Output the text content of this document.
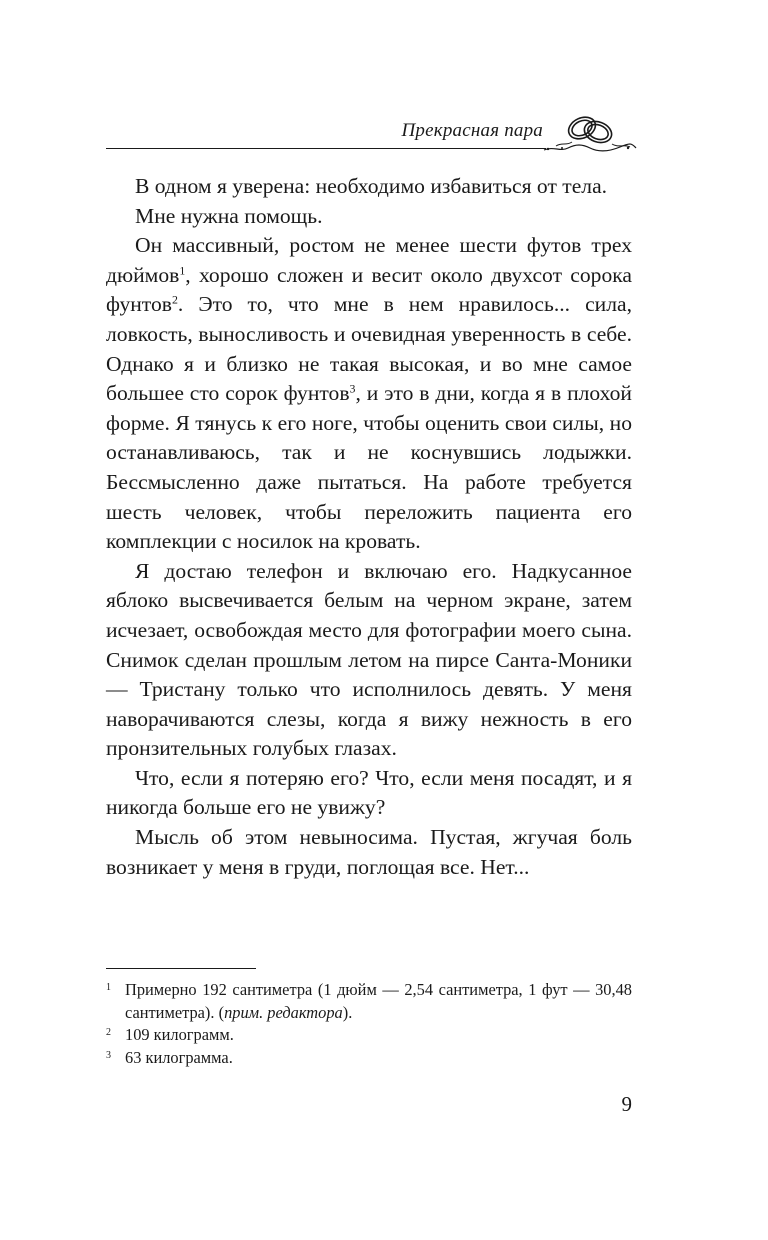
Прекрасная пара

В одном я уверена: необходимо избавиться от тела.

Мне нужна помощь.

Он массивный, ростом не менее шести футов трех дюймов$^1$, хорошо сложен и весит около двухсот сорока фунтов$^2$. Это то, что мне в нем нравилось... сила, ловкость, выносливость и очевидная уверенность в себе. Однако я и близко не такая высокая, и во мне самое большее сто сорок фунтов$^3$, и это в дни, когда я в плохой форме. Я тянусь к его ноге, чтобы оценить свои силы, но останавливаюсь, так и не коснувшись лодыжки. Бессмысленно даже пытаться. На работе требуется шесть человек, чтобы переложить пациента его комплекции с носилок на кровать.

Я достаю телефон и включаю его. Надкусанное яблоко высвечивается белым на черном экране, затем исчезает, освобождая место для фотографии моего сына. Снимок сделан прошлым летом на пирсе Санта-Моники — Тристану только что исполнилось девять. У меня наворачиваются слезы, когда я вижу нежность в его пронзительных голубых глазах.

Что, если я потеряю его? Что, если меня посадят, и я никогда больше его не увижу?

Мысль об этом невыносима. Пустая, жгучая боль возникает у меня в груди, поглощая все. Нет...

1 Примерно 192 сантиметра (1 дюйм — 2,54 сантиметра, 1 фут — 30,48 сантиметра). (прим. редактора).
2 109 килограмм.
3 63 килограмма.
9
